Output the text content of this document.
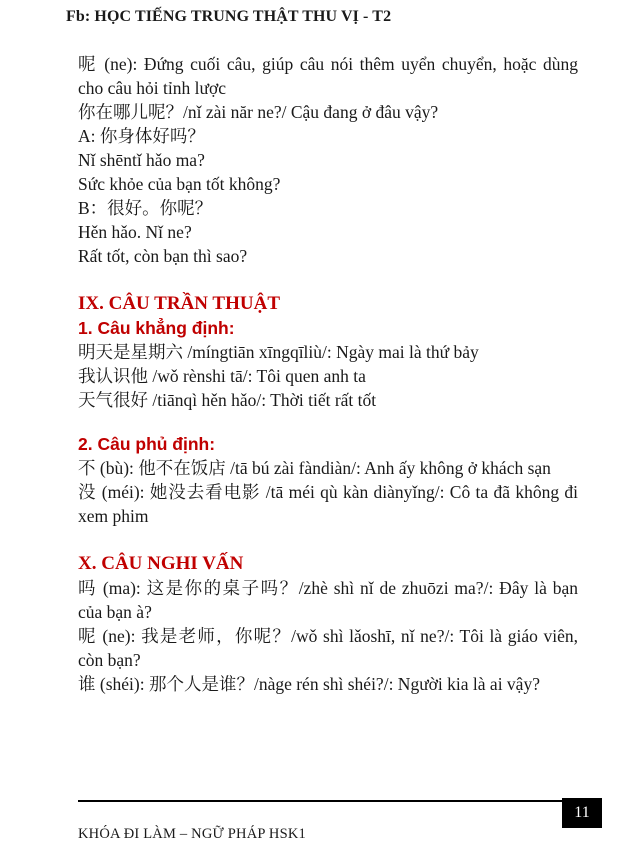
Fb: HỌC TIẾNG TRUNG THẬT THU VỊ - T2

呢 (ne): Đứng cuối câu, giúp câu nói thêm uyển chuyển, hoặc dùng cho câu hỏi tỉnh lược

你在哪儿呢？/nǐ zài năr ne?/ Cậu đang ở đâu vậy?

A: 你身体好吗？

Nǐ shēntǐ hǎo ma?

Sức khỏe của bạn tốt không?

B：很好。你呢？

Hěn hǎo. Nǐ ne?

Rất tốt, còn bạn thì sao?

IX. CÂU TRẦN THUẬT

1. Câu khẳng định:

明天是星期六 /míngtiān xīngqīliù/: Ngày mai là thứ bảy

我认识他 /wǒ rènshi tā/: Tôi quen anh ta

天气很好 /tiānqì hěn hǎo/: Thời tiết rất tốt

2. Câu phủ định:

不 (bù): 他不在饭店 /tā bú zài fàndiàn/: Anh ấy không ở khách sạn

没 (méi): 她没去看电影 /tā méi qù kàn diànyǐng/: Cô ta đã không đi xem phim

X. CÂU NGHI VẤN

吗 (ma): 这是你的桌子吗？/zhè shì nǐ de zhuōzi ma?/: Đây là bạn của bạn à?

呢 (ne): 我是老师，你呢？/wǒ shì lǎoshī, nǐ ne?/: Tôi là giáo viên, còn bạn?

谁 (shéi): 那个人是谁？/nàge rén shì shéi?/: Người kia là ai vậy?

11
KHÓA ĐI LÀM – NGỮ PHÁP HSK1
